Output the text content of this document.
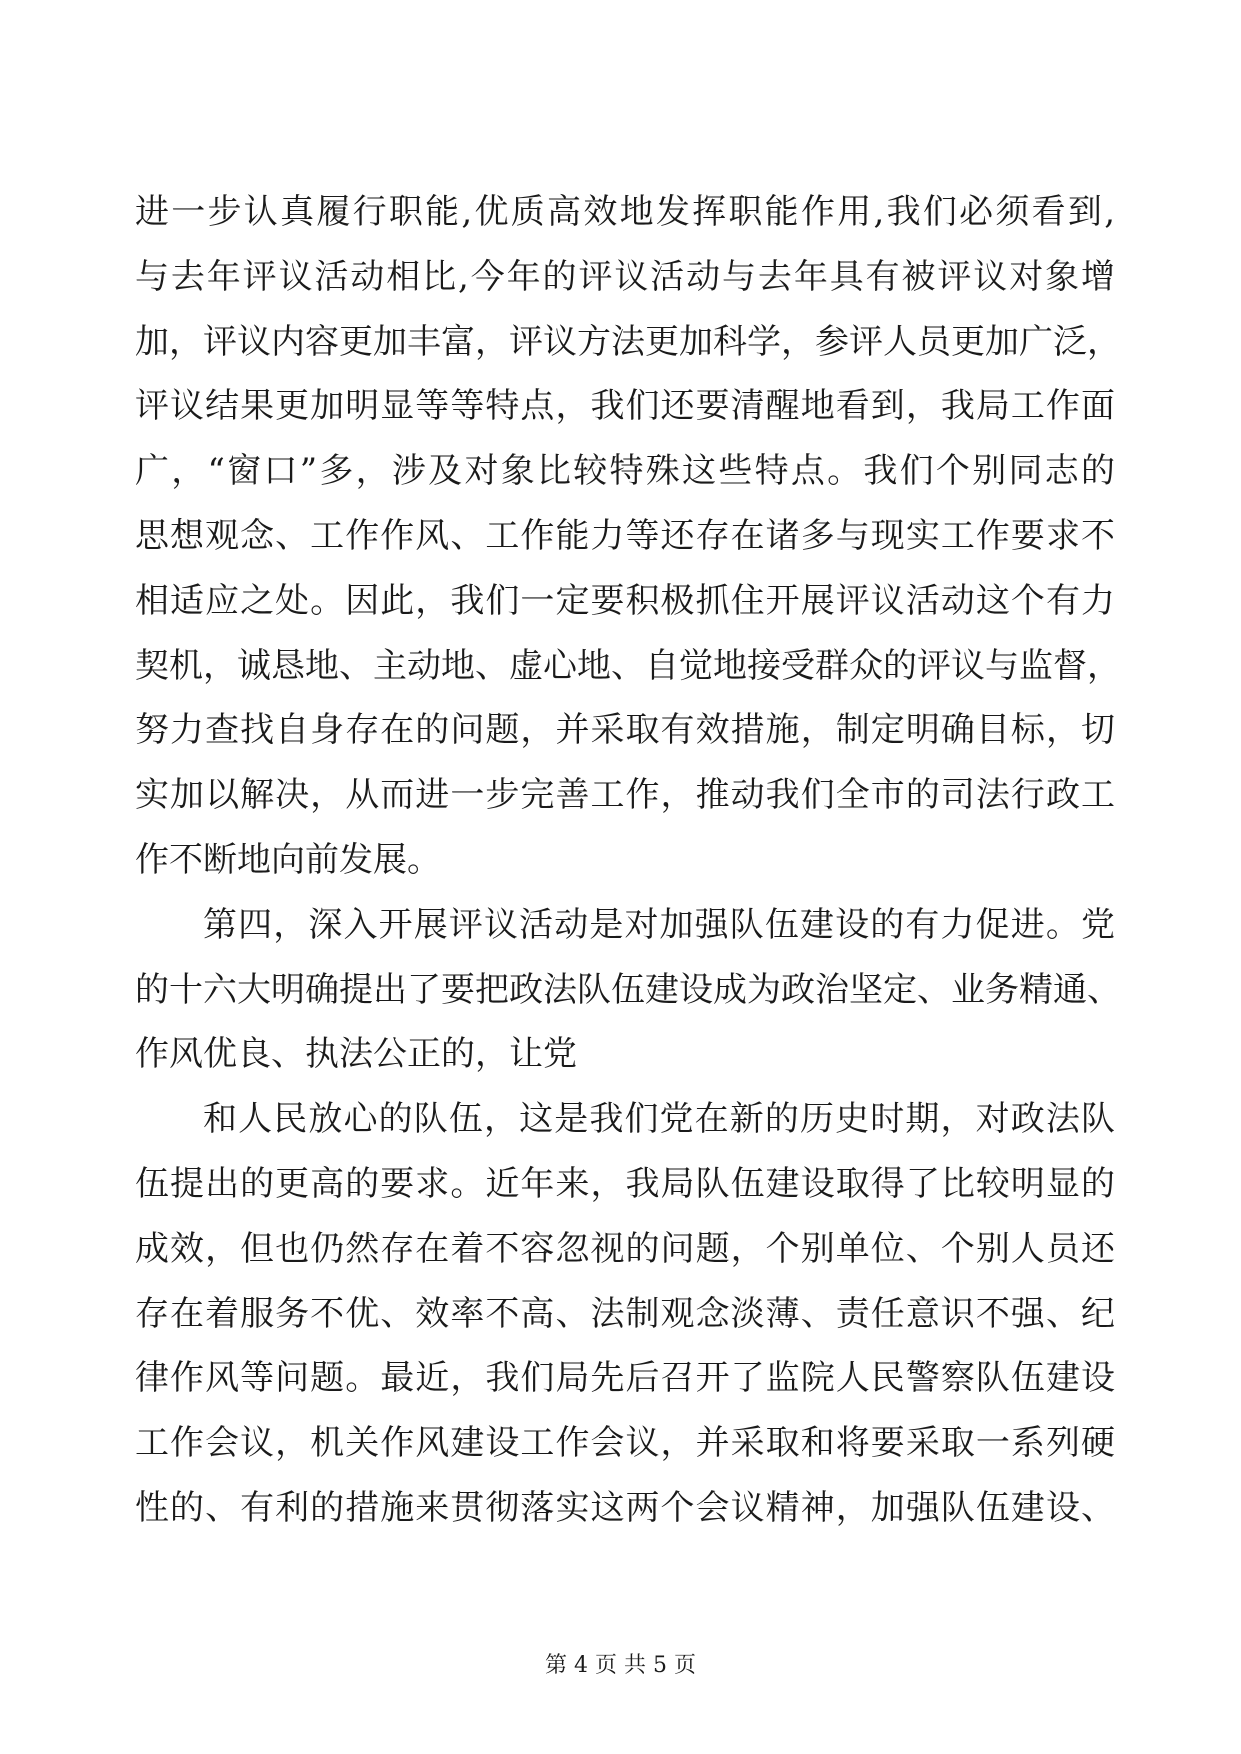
进一步认真履行职能,优质高效地发挥职能作用,我们必须看到,
与去年评议活动相比,今年的评议活动与去年具有被评议对象增
加，评议内容更加丰富，评议方法更加科学，参评人员更加广泛，
评议结果更加明显等等特点，我们还要清醒地看到，我局工作面
广，“窗口”多，涉及对象比较特殊这些特点。我们个别同志的
思想观念、工作作风、工作能力等还存在诸多与现实工作要求不
相适应之处。因此，我们一定要积极抓住开展评议活动这个有力
契机，诚恳地、主动地、虚心地、自觉地接受群众的评议与监督，
努力查找自身存在的问题，并采取有效措施，制定明确目标，切
实加以解决，从而进一步完善工作，推动我们全市的司法行政工
作不断地向前发展。
第四，深入开展评议活动是对加强队伍建设的有力促进。党
的十六大明确提出了要把政法队伍建设成为政治坚定、业务精通、
作风优良、执法公正的，让党
和人民放心的队伍，这是我们党在新的历史时期，对政法队
伍提出的更高的要求。近年来，我局队伍建设取得了比较明显的
成效，但也仍然存在着不容忽视的问题，个别单位、个别人员还
存在着服务不优、效率不高、法制观念淡薄、责任意识不强、纪
律作风等问题。最近，我们局先后召开了监院人民警察队伍建设
工作会议，机关作风建设工作会议，并采取和将要采取一系列硬
性的、有利的措施来贯彻落实这两个会议精神，加强队伍建设、
第 4 页 共 5 页
